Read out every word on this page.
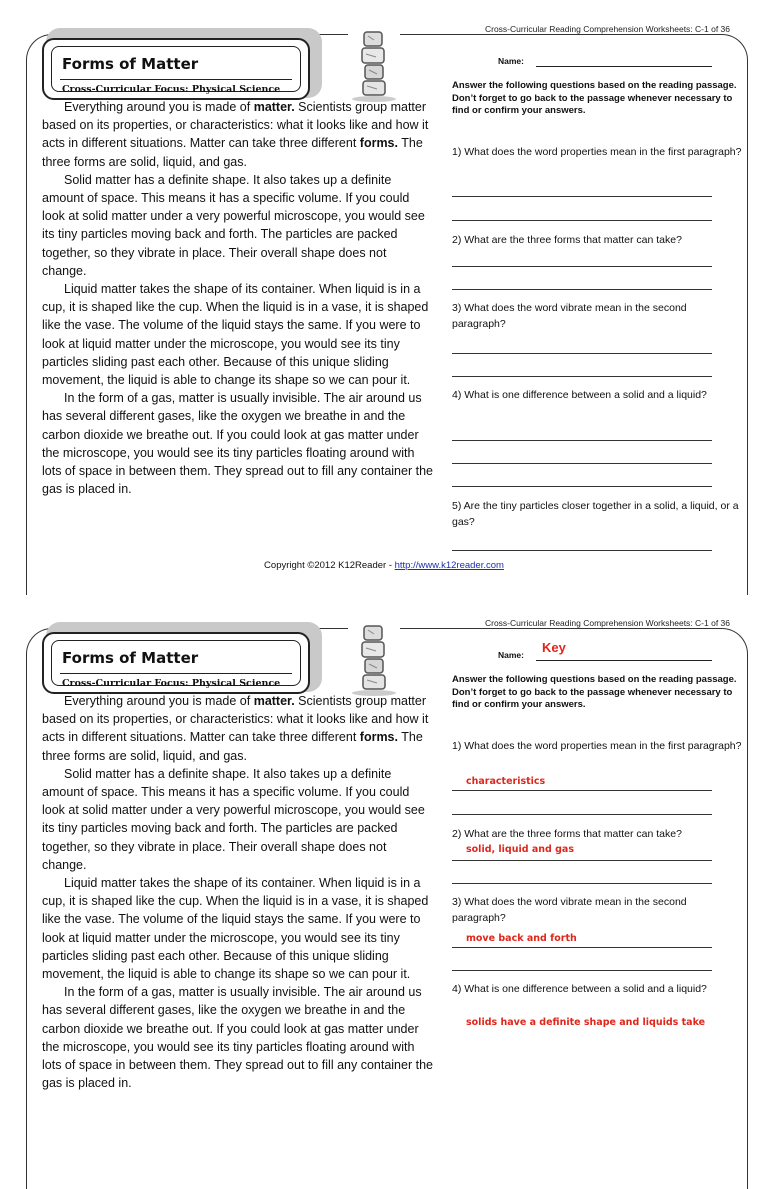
Cross-Curricular Reading Comprehension Worksheets: C-1 of 36
Forms of Matter
Cross-Curricular Focus: Physical Science

Everything around you is made of matter. Scientists group matter based on its properties, or characteristics: what it looks like and how it acts in different situations. Matter can take three different forms. The three forms are solid, liquid, and gas.

Solid matter has a definite shape. It also takes up a definite amount of space. This means it has a specific volume. If you could look at solid matter under a very powerful microscope, you would see its tiny particles moving back and forth. The particles are packed together, so they vibrate in place. Their overall shape does not change.

Liquid matter takes the shape of its container. When liquid is in a cup, it is shaped like the cup. When the liquid is in a vase, it is shaped like the vase. The volume of the liquid stays the same. If you were to look at liquid matter under the microscope, you would see its tiny particles sliding past each other. Because of this unique sliding movement, the liquid is able to change its shape so we can pour it.

In the form of a gas, matter is usually invisible. The air around us has several different gases, like the oxygen we breathe in and the carbon dioxide we breathe out. If you could look at gas matter under the microscope, you would see its tiny particles floating around with lots of space in between them. They spread out to fill any container the gas is placed in.

Name:
Answer the following questions based on the reading passage. Don’t forget to go back to the passage whenever necessary to find or confirm your answers.
1) What does the word properties mean in the first paragraph?
2) What are the three forms that matter can take?
3) What does the word vibrate mean in the second paragraph?
4) What is one difference between a solid and a liquid?
5) Are the tiny particles closer together in a solid, a liquid, or a gas?
Copyright ©2012 K12Reader - http://www.k12reader.com
Cross-Curricular Reading Comprehension Worksheets: C-1 of 36
Forms of Matter
Cross-Curricular Focus: Physical Science

Everything around you is made of matter. Scientists group matter based on its properties, or characteristics: what it looks like and how it acts in different situations. Matter can take three different forms. The three forms are solid, liquid, and gas.

Solid matter has a definite shape. It also takes up a definite amount of space. This means it has a specific volume. If you could look at solid matter under a very powerful microscope, you would see its tiny particles moving back and forth. The particles are packed together, so they vibrate in place. Their overall shape does not change.

Liquid matter takes the shape of its container. When liquid is in a cup, it is shaped like the cup. When the liquid is in a vase, it is shaped like the vase. The volume of the liquid stays the same. If you were to look at liquid matter under the microscope, you would see its tiny particles sliding past each other. Because of this unique sliding movement, the liquid is able to change its shape so we can pour it.

In the form of a gas, matter is usually invisible. The air around us has several different gases, like the oxygen we breathe in and the carbon dioxide we breathe out. If you could look at gas matter under the microscope, you would see its tiny particles floating around with lots of space in between them. They spread out to fill any container the gas is placed in.

Name: Key
Answer the following questions based on the reading passage. Don’t forget to go back to the passage whenever necessary to find or confirm your answers.
1) What does the word properties mean in the first paragraph?
characteristics
2) What are the three forms that matter can take?
solid, liquid and gas
3) What does the word vibrate mean in the second paragraph?
move back and forth
4) What is one difference between a solid and a liquid?
solids have a definite shape and liquids take
